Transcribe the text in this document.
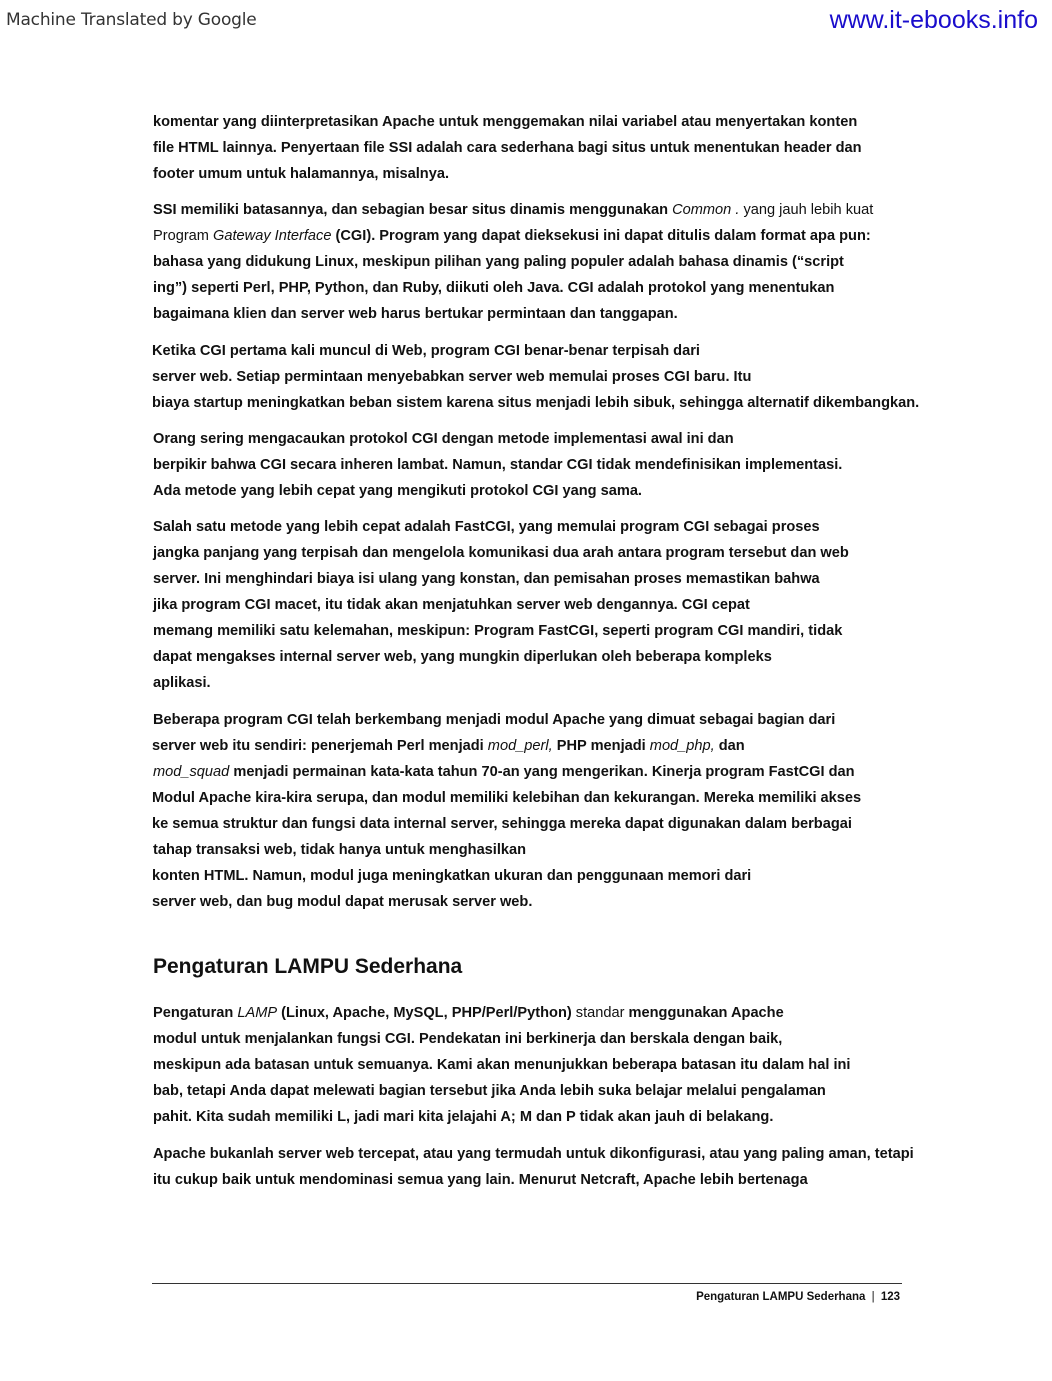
Machine Translated by Google	www.it-ebooks.info
komentar yang diinterpretasikan Apache untuk menggemakan nilai variabel atau menyertakan konten
file HTML lainnya. Penyertaan file SSI adalah cara sederhana bagi situs untuk menentukan header dan
footer umum untuk halamannya, misalnya.
SSI memiliki batasannya, dan sebagian besar situs dinamis menggunakan Common . yang jauh lebih kuat
Program Gateway Interface (CGI). Program yang dapat dieksekusi ini dapat ditulis dalam format apa pun:
bahasa yang didukung Linux, meskipun pilihan yang paling populer adalah bahasa dinamis (“script
ing”) seperti Perl, PHP, Python, dan Ruby, diikuti oleh Java. CGI adalah protokol yang menentukan
bagaimana klien dan server web harus bertukar permintaan dan tanggapan.
Ketika CGI pertama kali muncul di Web, program CGI benar-benar terpisah dari
server web. Setiap permintaan menyebabkan server web memulai proses CGI baru. Itu
biaya startup meningkatkan beban sistem karena situs menjadi lebih sibuk, sehingga alternatif dikembangkan.
Orang sering mengacaukan protokol CGI dengan metode implementasi awal ini dan
berpikir bahwa CGI secara inheren lambat. Namun, standar CGI tidak mendefinisikan implementasi.
Ada metode yang lebih cepat yang mengikuti protokol CGI yang sama.
Salah satu metode yang lebih cepat adalah FastCGI, yang memulai program CGI sebagai proses
jangka panjang yang terpisah dan mengelola komunikasi dua arah antara program tersebut dan web
server. Ini menghindari biaya isi ulang yang konstan, dan pemisahan proses memastikan bahwa
jika program CGI macet, itu tidak akan menjatuhkan server web dengannya. CGI cepat
memang memiliki satu kelemahan, meskipun: Program FastCGI, seperti program CGI mandiri, tidak
dapat mengakses internal server web, yang mungkin diperlukan oleh beberapa kompleks
aplikasi.
Beberapa program CGI telah berkembang menjadi modul Apache yang dimuat sebagai bagian dari
server web itu sendiri: penerjemah Perl menjadi mod_perl, PHP menjadi mod_php, dan
mod_squad menjadi permainan kata-kata tahun 70-an yang mengerikan. Kinerja program FastCGI dan
Modul Apache kira-kira serupa, dan modul memiliki kelebihan dan kekurangan. Mereka memiliki akses
ke semua struktur dan fungsi data internal server, sehingga mereka dapat digunakan dalam berbagai
tahap transaksi web, tidak hanya untuk menghasilkan
konten HTML. Namun, modul juga meningkatkan ukuran dan penggunaan memori dari
server web, dan bug modul dapat merusak server web.
Pengaturan LAMPU Sederhana
Pengaturan LAMP (Linux, Apache, MySQL, PHP/Perl/Python) standar menggunakan Apache
modul untuk menjalankan fungsi CGI. Pendekatan ini berkinerja dan berskala dengan baik,
meskipun ada batasan untuk semuanya. Kami akan menunjukkan beberapa batasan itu dalam hal ini
bab, tetapi Anda dapat melewati bagian tersebut jika Anda lebih suka belajar melalui pengalaman
pahit. Kita sudah memiliki L, jadi mari kita jelajahi A; M dan P tidak akan jauh di belakang.
Apache bukanlah server web tercepat, atau yang termudah untuk dikonfigurasi, atau yang paling aman, tetapi
itu cukup baik untuk mendominasi semua yang lain. Menurut Netcraft, Apache lebih bertenaga
Pengaturan LAMPU Sederhana | 123
